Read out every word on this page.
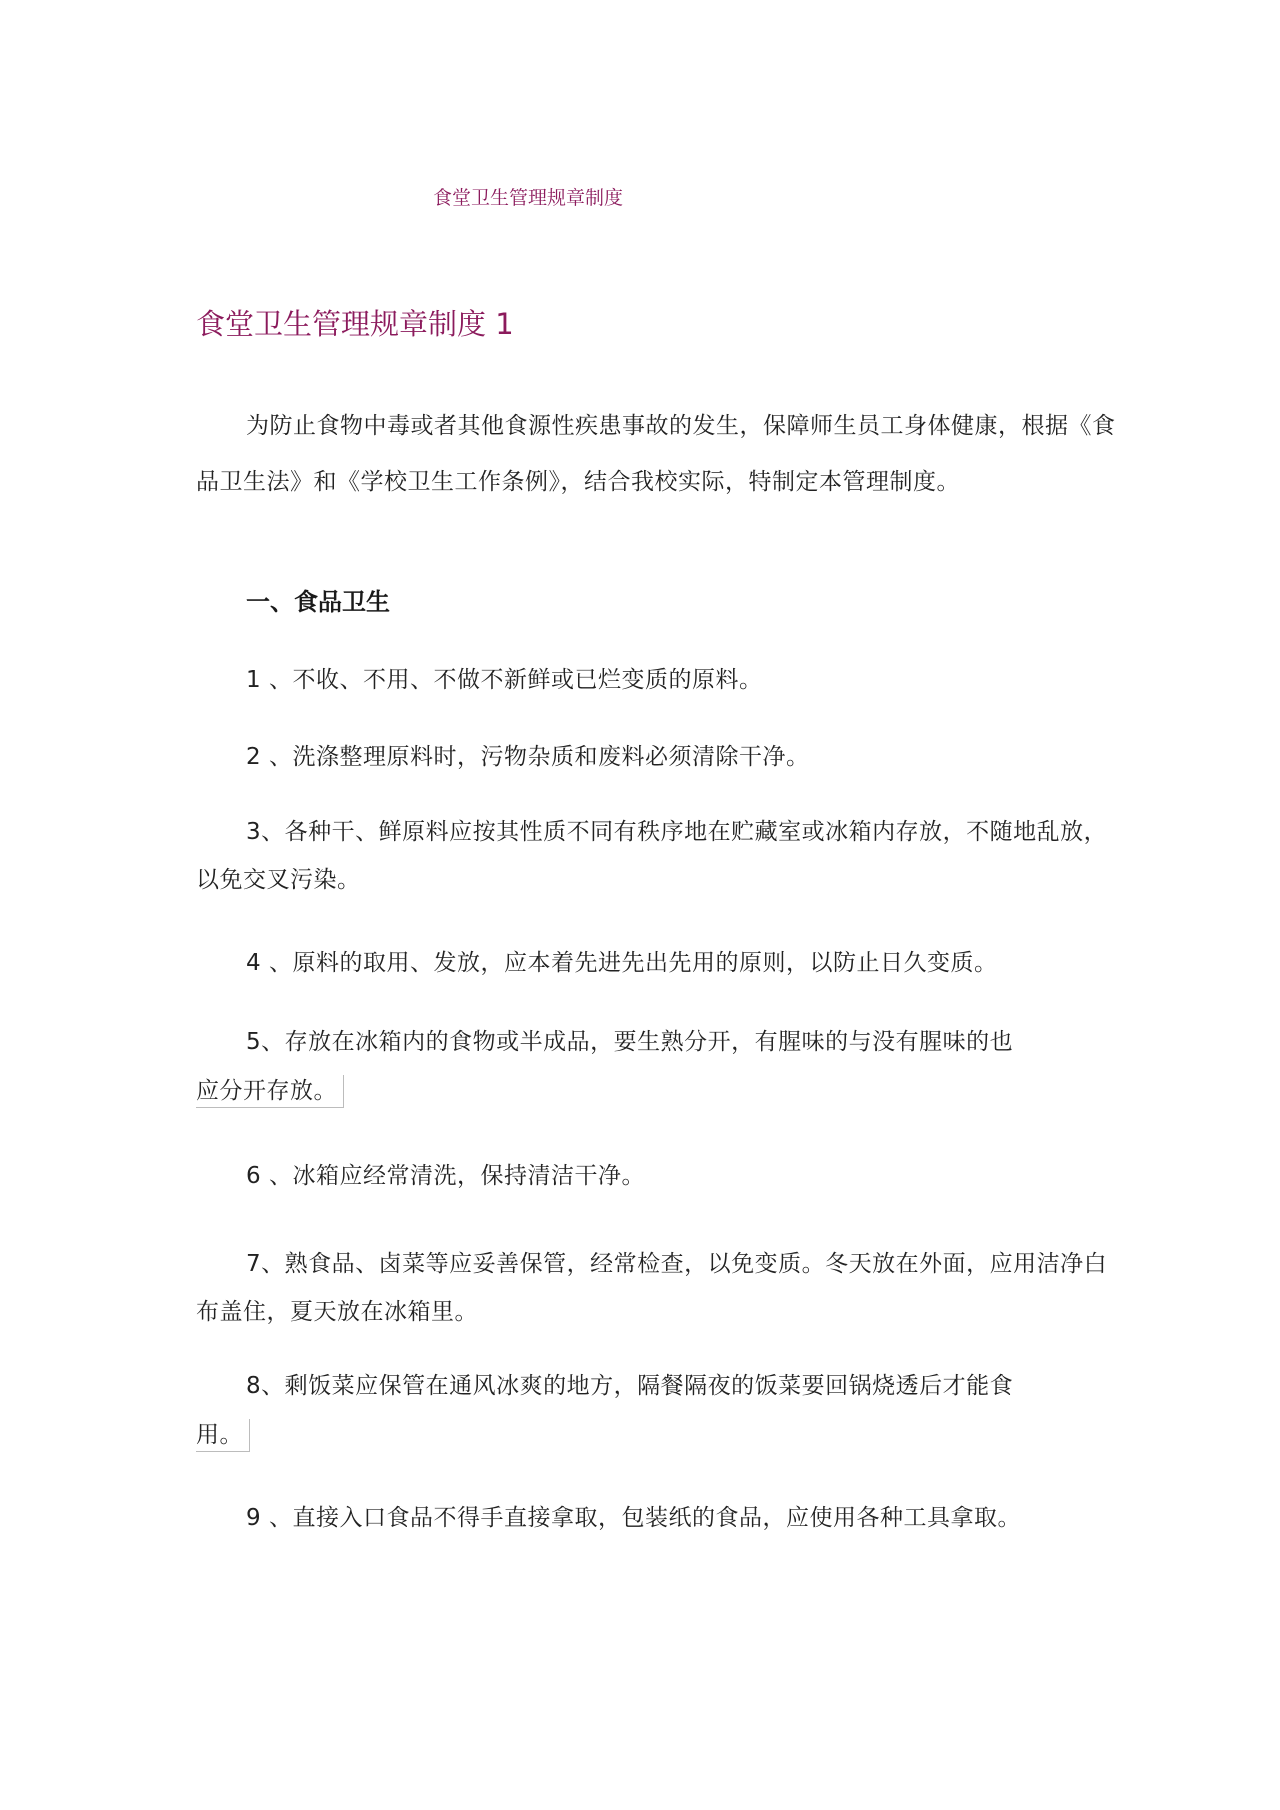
食堂卫生管理规章制度
食堂卫生管理规章制度 1
为防止食物中毒或者其他食源性疾患事故的发生，保障师生员工身体健康，根据《食品卫生法》和《学校卫生工作条例》，结合我校实际，特制定本管理制度。
一、食品卫生
1 、不收、不用、不做不新鲜或已烂变质的原料。
2 、洗涤整理原料时，污物杂质和废料必须清除干净。
3、各种干、鲜原料应按其性质不同有秩序地在贮藏室或冰箱内存放，不随地乱放，以免交叉污染。
4 、原料的取用、发放，应本着先进先出先用的原则，以防止日久变质。
5、存放在冰箱内的食物或半成品，要生熟分开，有腥味的与没有腥味的也
应分开存放。
6 、冰箱应经常清洗，保持清洁干净。
7、熟食品、卤菜等应妥善保管，经常检查，以免变质。冬天放在外面，应用洁净白布盖住，夏天放在冰箱里。
8、剩饭菜应保管在通风冰爽的地方，隔餐隔夜的饭菜要回锅烧透后才能食
用。
9 、直接入口食品不得手直接拿取，包装纸的食品，应使用各种工具拿取。
